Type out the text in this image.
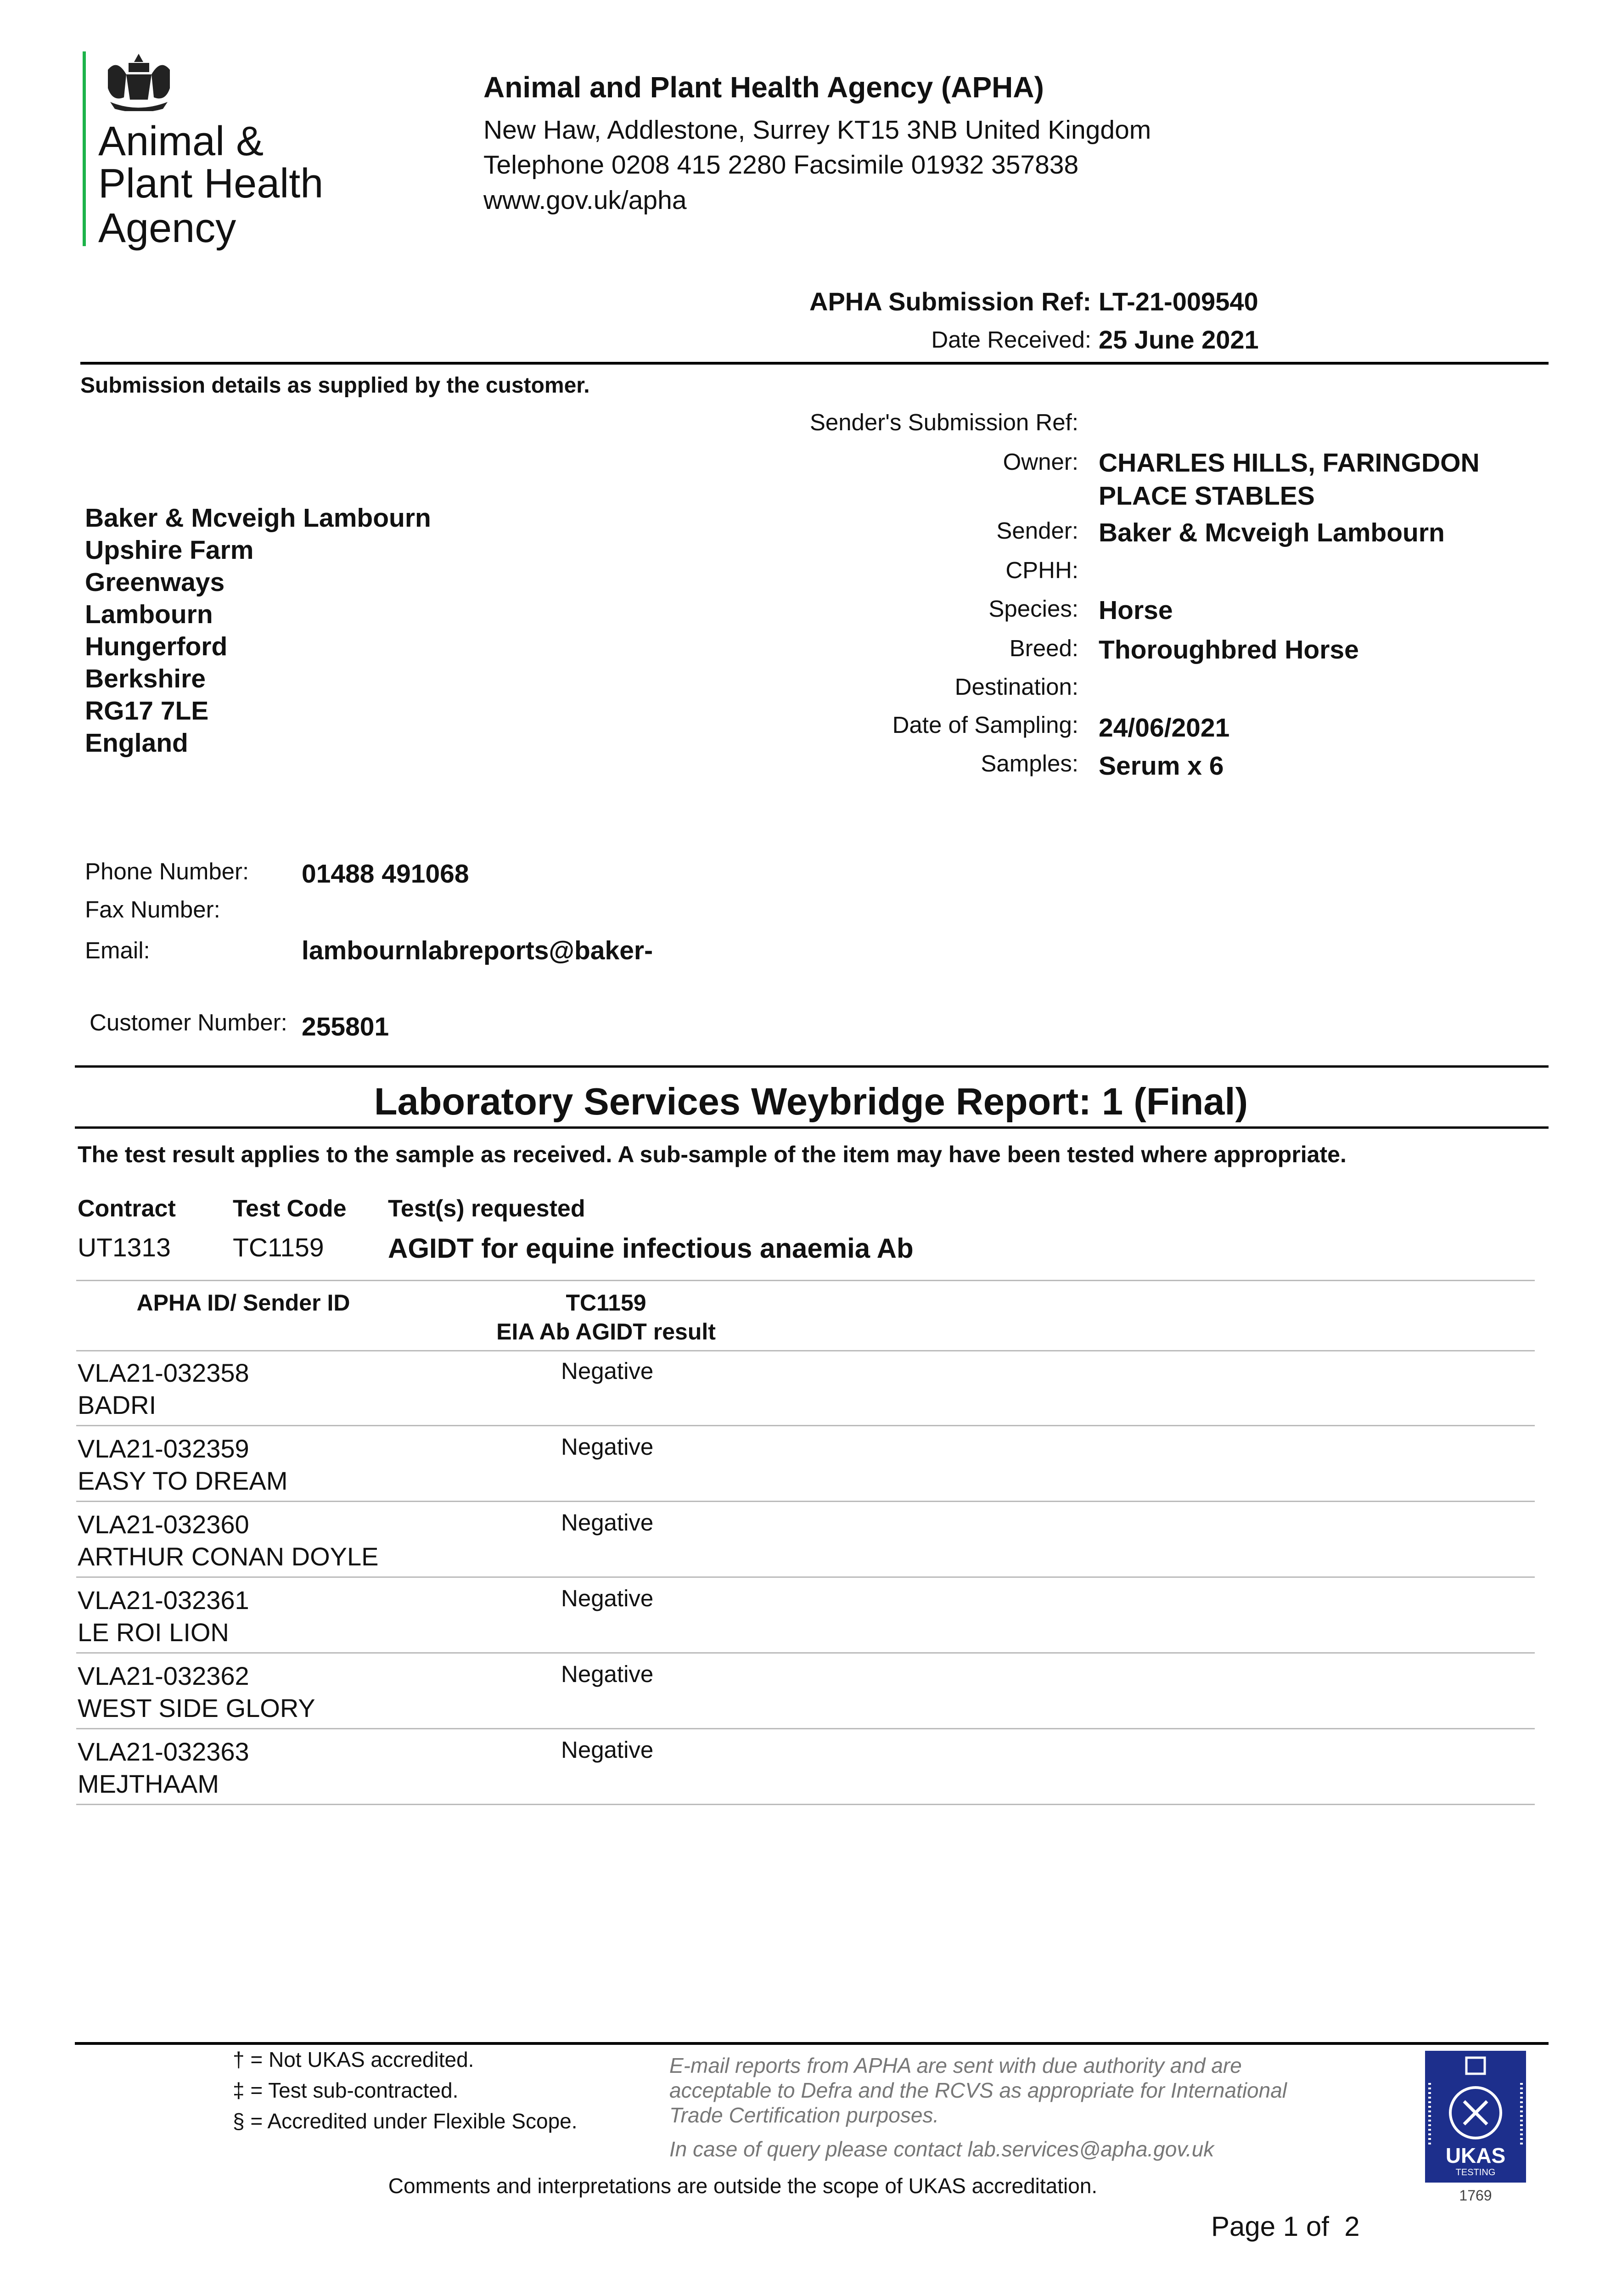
Animal &
Plant Health
Agency
Animal and Plant Health Agency (APHA)
New Haw, Addlestone, Surrey KT15 3NB United Kingdom
Telephone 0208 415 2280 Facsimile 01932 357838
www.gov.uk/apha
APHA Submission Ref: LT-21-009540
Date Received: 25 June 2021
Submission details as supplied by the customer.
Baker & Mcveigh Lambourn
Upshire Farm
Greenways
Lambourn
Hungerford
Berkshire
RG17 7LE
England
Sender's Submission Ref:
Owner: CHARLES HILLS, FARINGDON
PLACE STABLES
Sender: Baker & Mcveigh Lambourn
CPHH:
Species: Horse
Breed: Thoroughbred Horse
Destination:
Date of Sampling: 24/06/2021
Samples: Serum x 6
Phone Number: 01488 491068
Fax Number:
Email:	lambournlabreports@baker-
Customer Number: 255801
Laboratory Services Weybridge Report: 1 (Final)
The test result applies to the sample as received. A sub-sample of the item may have been tested where appropriate.
Contract Test Code Test(s) requested
UT1313 TC1159 AGIDT for equine infectious anaemia Ab
APHA ID/ Sender ID	TC1159
EIA Ab AGIDT result
VLA21-032358
BADRI
Negative
VLA21-032359
EASY TO DREAM
Negative
VLA21-032360
ARTHUR CONAN DOYLE
Negative
VLA21-032361
LE ROI LION
Negative
VLA21-032362
WEST SIDE GLORY
Negative
VLA21-032363
MEJTHAAM
Negative
† = Not UKAS accredited.
‡ = Test sub-contracted.
§ = Accredited under Flexible Scope.
E-mail reports from APHA are sent with due authority and are
acceptable to Defra and the RCVS as appropriate for International
Trade Certification purposes.
In case of query please contact lab.services@apha.gov.uk
Comments and interpretations are outside the scope of UKAS accreditation.
UKAS
TESTING
1769
Page 1 of  2
